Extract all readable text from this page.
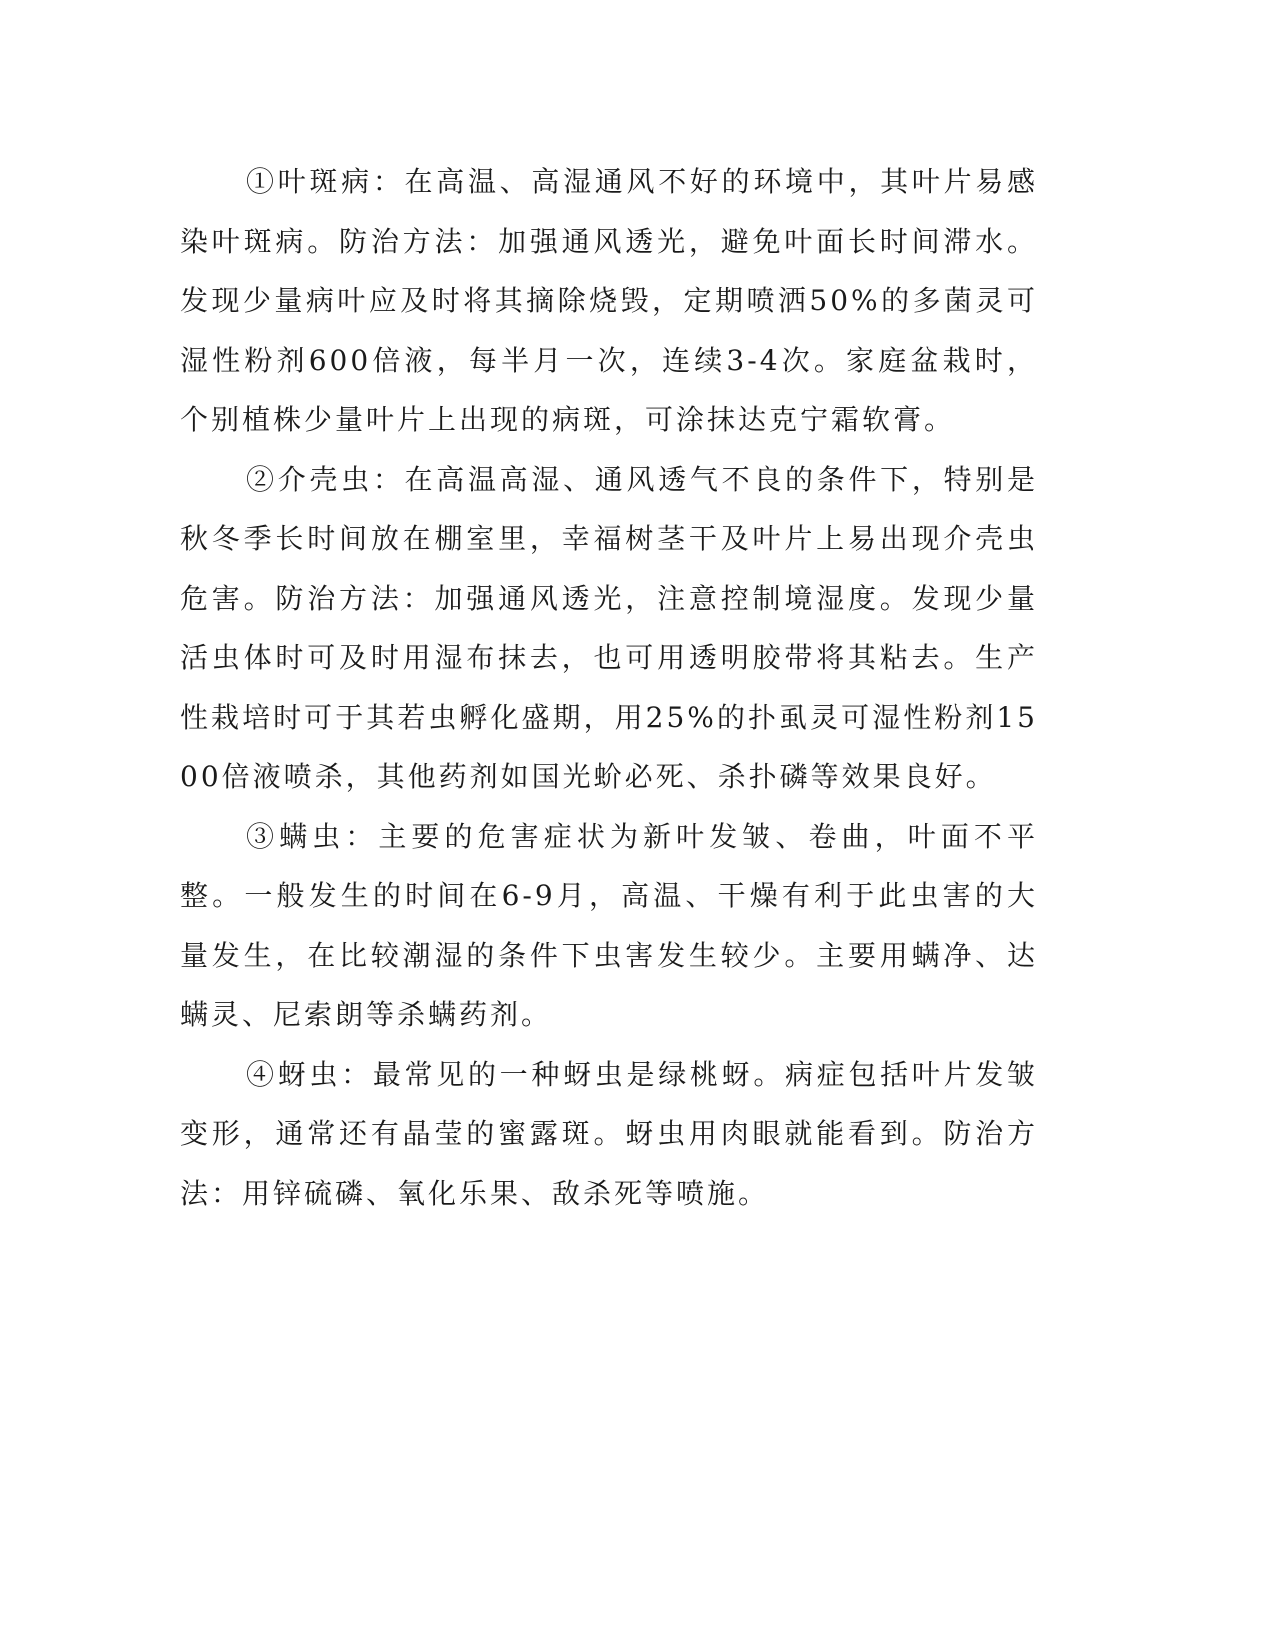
①叶斑病：在高温、高湿通风不好的环境中，其叶片易感染叶斑病。防治方法：加强通风透光，避免叶面长时间滞水。发现少量病叶应及时将其摘除烧毁，定期喷洒50%的多菌灵可湿性粉剂600倍液，每半月一次，连续3-4次。家庭盆栽时，个别植株少量叶片上出现的病斑，可涂抹达克宁霜软膏。

②介壳虫：在高温高湿、通风透气不良的条件下，特别是秋冬季长时间放在棚室里，幸福树茎干及叶片上易出现介壳虫危害。防治方法：加强通风透光，注意控制境湿度。发现少量活虫体时可及时用湿布抹去，也可用透明胶带将其粘去。生产性栽培时可于其若虫孵化盛期，用25%的扑虱灵可湿性粉剂1500倍液喷杀，其他药剂如国光蚧必死、杀扑磷等效果良好。

③螨虫：主要的危害症状为新叶发皱、卷曲，叶面不平整。一般发生的时间在6-9月，高温、干燥有利于此虫害的大量发生，在比较潮湿的条件下虫害发生较少。主要用螨净、达螨灵、尼索朗等杀螨药剂。

④蚜虫：最常见的一种蚜虫是绿桃蚜。病症包括叶片发皱变形，通常还有晶莹的蜜露斑。蚜虫用肉眼就能看到。防治方法：用锌硫磷、氧化乐果、敌杀死等喷施。
